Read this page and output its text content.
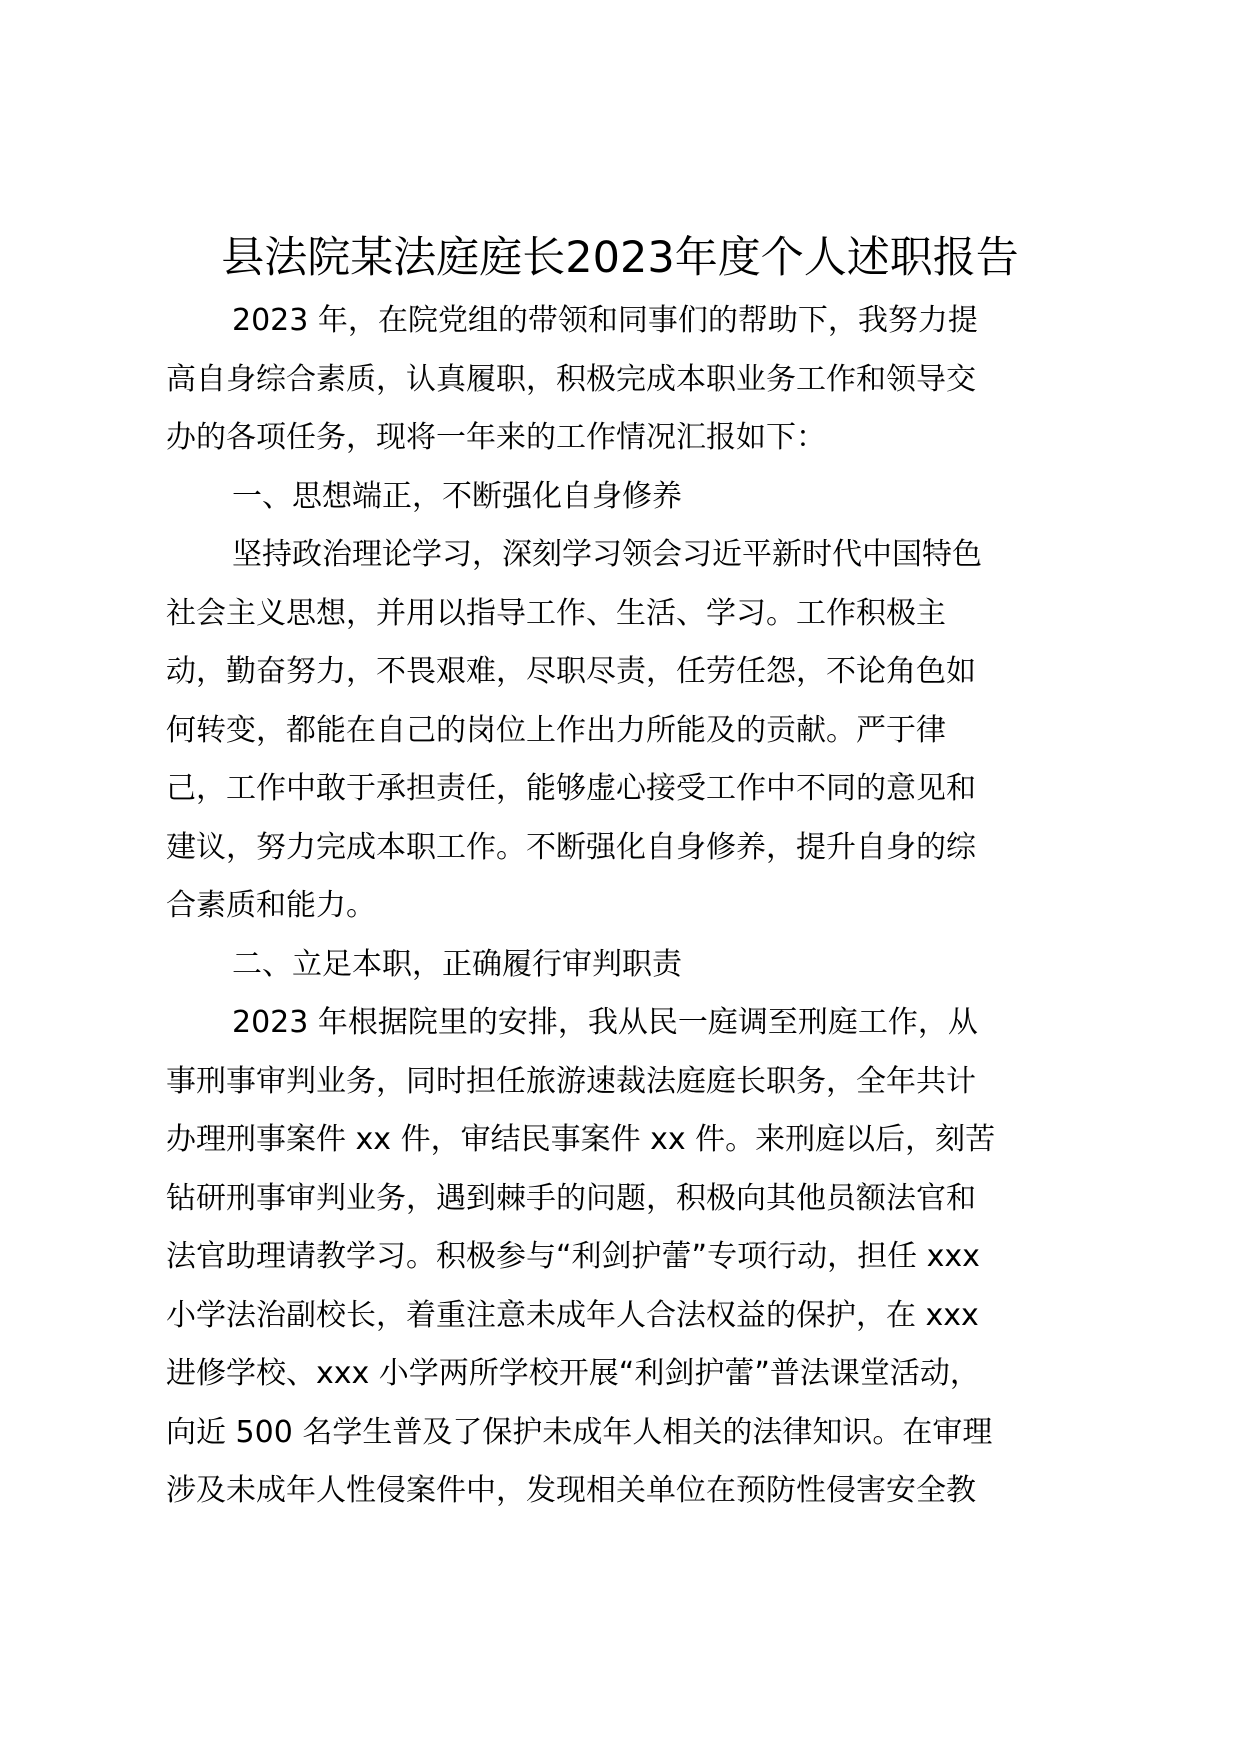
县法院某法庭庭长2023年度个人述职报告
2023 年，在院党组的带领和同事们的帮助下，我努力提
高自身综合素质，认真履职，积极完成本职业务工作和领导交
办的各项任务，现将一年来的工作情况汇报如下：
一、思想端正，不断强化自身修养
坚持政治理论学习，深刻学习领会习近平新时代中国特色
社会主义思想，并用以指导工作、生活、学习。工作积极主
动，勤奋努力，不畏艰难，尽职尽责，任劳任怨，不论角色如
何转变，都能在自己的岗位上作出力所能及的贡献。严于律
己，工作中敢于承担责任，能够虚心接受工作中不同的意见和
建议，努力完成本职工作。不断强化自身修养，提升自身的综
合素质和能力。
二、立足本职，正确履行审判职责
2023 年根据院里的安排，我从民一庭调至刑庭工作，从
事刑事审判业务，同时担任旅游速裁法庭庭长职务，全年共计
办理刑事案件 xx 件，审结民事案件 xx 件。来刑庭以后，刻苦
钻研刑事审判业务，遇到棘手的问题，积极向其他员额法官和
法官助理请教学习。积极参与“利剑护蕾”专项行动，担任 xxx
小学法治副校长，着重注意未成年人合法权益的保护，在 xxx
进修学校、xxx 小学两所学校开展“利剑护蕾”普法课堂活动，
向近 500 名学生普及了保护未成年人相关的法律知识。在审理
涉及未成年人性侵案件中，发现相关单位在预防性侵害安全教
